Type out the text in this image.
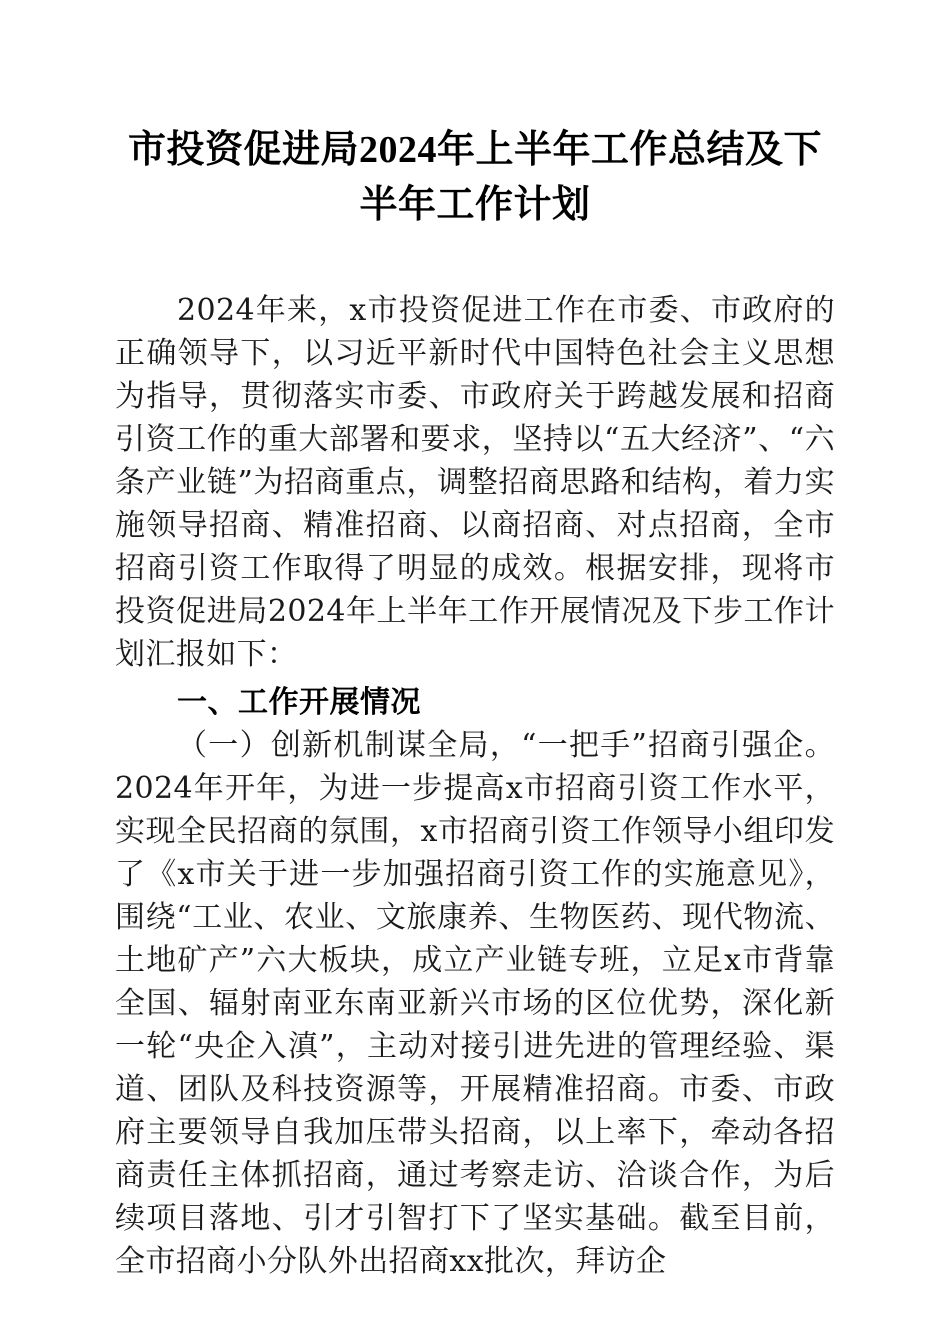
市投资促进局2024年上半年工作总结及下半年工作计划

2024年来，x市投资促进工作在市委、市政府的正确领导下，以习近平新时代中国特色社会主义思想为指导，贯彻落实市委、市政府关于跨越发展和招商引资工作的重大部署和要求，坚持以“五大经济”、“六条产业链”为招商重点，调整招商思路和结构，着力实施领导招商、精准招商、以商招商、对点招商，全市招商引资工作取得了明显的成效。根据安排，现将市投资促进局2024年上半年工作开展情况及下步工作计划汇报如下：

一、工作开展情况

（一）创新机制谋全局，“一把手”招商引强企。2024年开年，为进一步提高x市招商引资工作水平，实现全民招商的氛围，x市招商引资工作领导小组印发了《x市关于进一步加强招商引资工作的实施意见》，围绕“工业、农业、文旅康养、生物医药、现代物流、土地矿产”六大板块，成立产业链专班，立足x市背靠全国、辐射南亚东南亚新兴市场的区位优势，深化新一轮“央企入滇”，主动对接引进先进的管理经验、渠道、团队及科技资源等，开展精准招商。市委、市政府主要领导自我加压带头招商，以上率下，牵动各招商责任主体抓招商，通过考察走访、洽谈合作，为后续项目落地、引才引智打下了坚实基础。截至目前，全市招商小分队外出招商xx批次，拜访企
